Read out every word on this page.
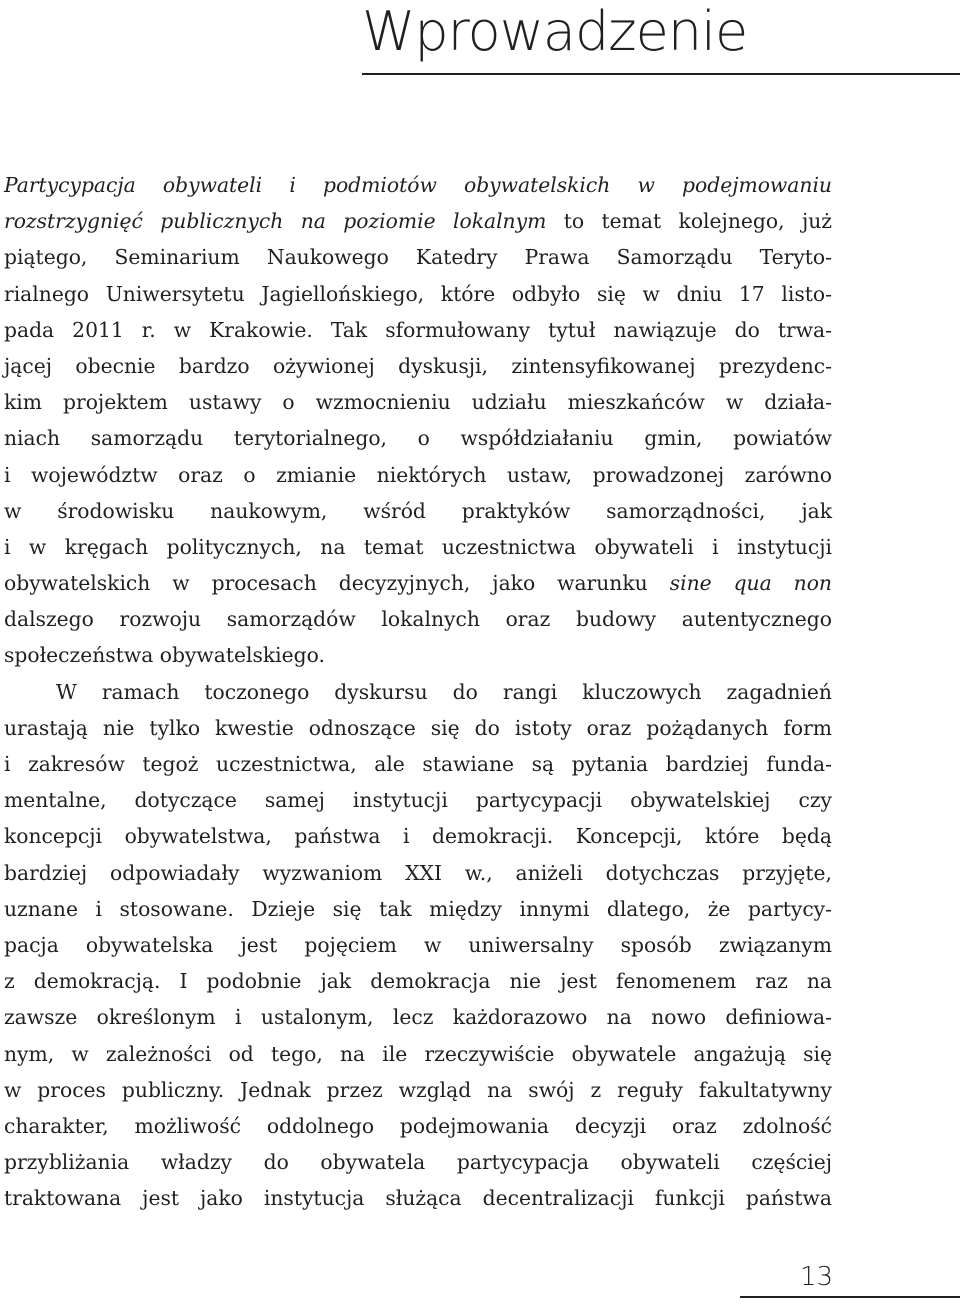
Wprowadzenie
Partycypacja obywateli i podmiotów obywatelskich w podejmowaniu
rozstrzygnięć publicznych na poziomie lokalnym to temat kolejnego, już
piątego, Seminarium Naukowego Katedry Prawa Samorządu Teryto-
rialnego Uniwersytetu Jagiellońskiego, które odbyło się w dniu 17 listo-
pada 2011 r. w Krakowie. Tak sformułowany tytuł nawiązuje do trwa-
jącej obecnie bardzo ożywionej dyskusji, zintensyfikowanej prezydenc-
kim projektem ustawy o wzmocnieniu udziału mieszkańców w działa-
niach samorządu terytorialnego, o współdziałaniu gmin, powiatów
i województw oraz o zmianie niektórych ustaw, prowadzonej zarówno
w środowisku naukowym, wśród praktyków samorządności, jak
i w kręgach politycznych, na temat uczestnictwa obywateli i instytucji
obywatelskich w procesach decyzyjnych, jako warunku sine qua non
dalszego rozwoju samorządów lokalnych oraz budowy autentycznego
społeczeństwa obywatelskiego.
W ramach toczonego dyskursu do rangi kluczowych zagadnień
urastają nie tylko kwestie odnoszące się do istoty oraz pożądanych form
i zakresów tegoż uczestnictwa, ale stawiane są pytania bardziej funda-
mentalne, dotyczące samej instytucji partycypacji obywatelskiej czy
koncepcji obywatelstwa, państwa i demokracji. Koncepcji, które będą
bardziej odpowiadały wyzwaniom XXI w., aniżeli dotychczas przyjęte,
uznane i stosowane. Dzieje się tak między innymi dlatego, że partycy-
pacja obywatelska jest pojęciem w uniwersalny sposób związanym
z demokracją. I podobnie jak demokracja nie jest fenomenem raz na
zawsze określonym i ustalonym, lecz każdorazowo na nowo definiowa-
nym, w zależności od tego, na ile rzeczywiście obywatele angażują się
w proces publiczny. Jednak przez wzgląd na swój z reguły fakultatywny
charakter, możliwość oddolnego podejmowania decyzji oraz zdolność
przybliżania władzy do obywatela partycypacja obywateli częściej
traktowana jest jako instytucja służąca decentralizacji funkcji państwa
13
